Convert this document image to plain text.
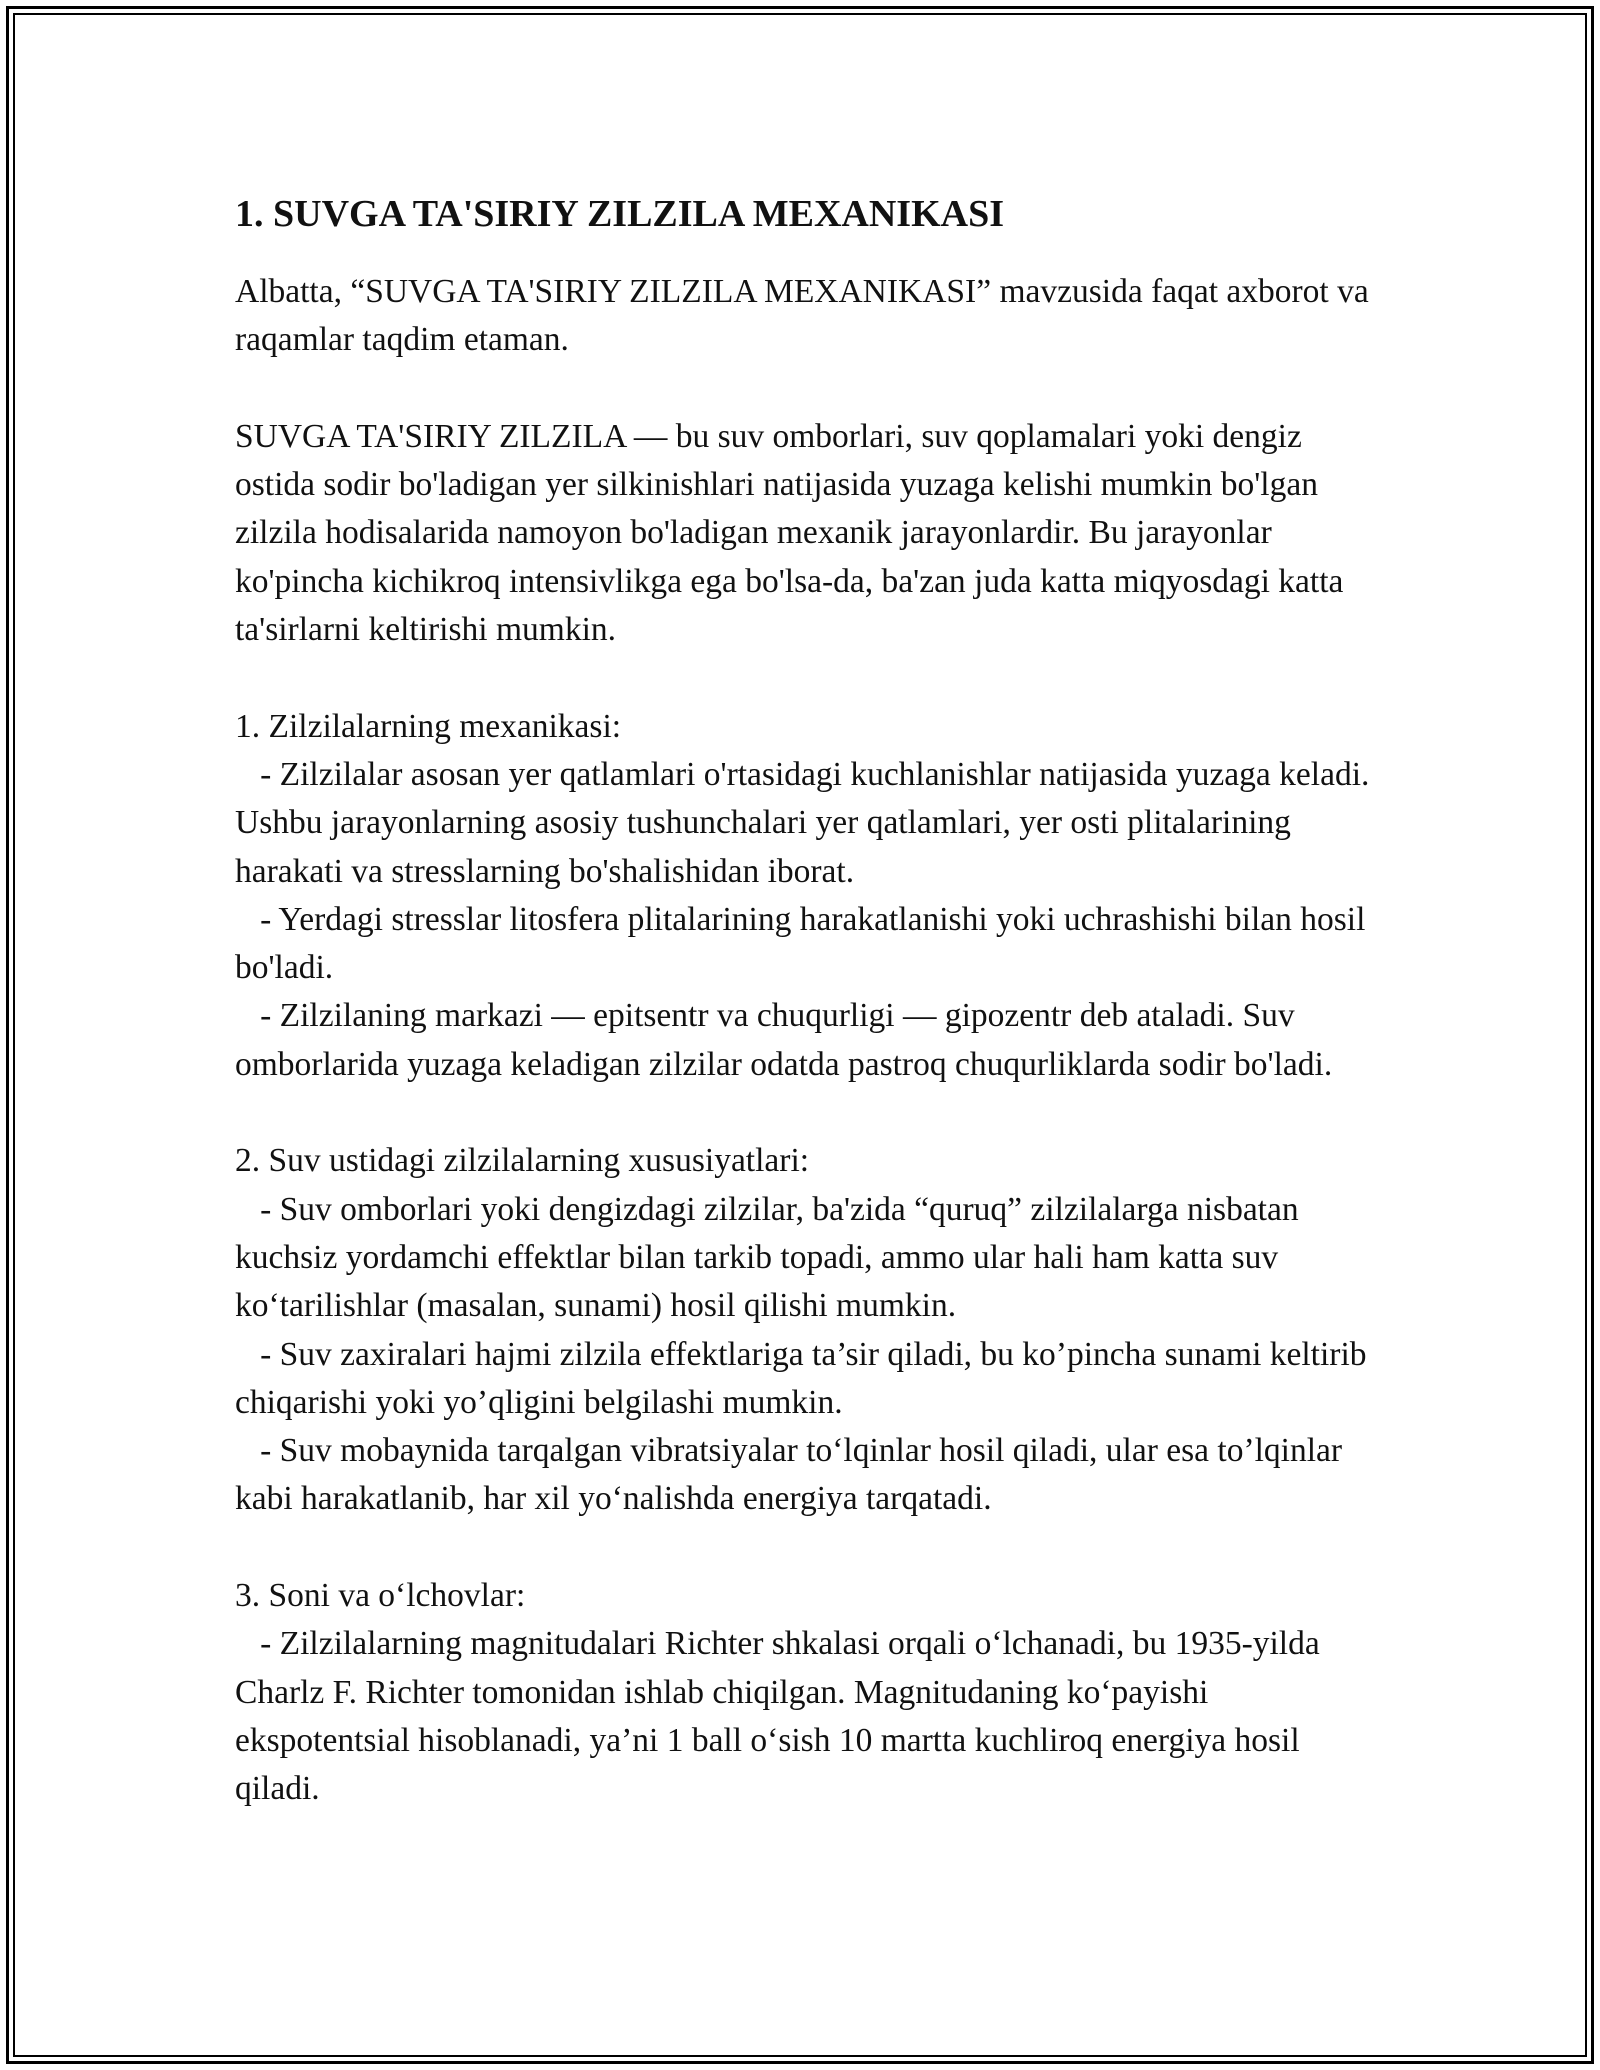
1. SUVGA TA'SIRIY ZILZILA MEXANIKASI

Albatta, “SUVGA TA'SIRIY ZILZILA MEXANIKASI” mavzusida faqat axborot va raqamlar taqdim etaman.

SUVGA TA'SIRIY ZILZILA — bu suv omborlari, suv qoplamalari yoki dengiz ostida sodir bo'ladigan yer silkinishlari natijasida yuzaga kelishi mumkin bo'lgan zilzila hodisalarida namoyon bo'ladigan mexanik jarayonlardir. Bu jarayonlar ko'pincha kichikroq intensivlikga ega bo'lsa-da, ba'zan juda katta miqyosdagi katta ta'sirlarni keltirishi mumkin.

1. Zilzilalarning mexanikasi:

- Zilzilalar asosan yer qatlamlari o'rtasidagi kuchlanishlar natijasida yuzaga keladi. Ushbu jarayonlarning asosiy tushunchalari yer qatlamlari, yer osti plitalarining harakati va stresslarning bo'shalishidan iborat.

- Yerdagi stresslar litosfera plitalarining harakatlanishi yoki uchrashishi bilan hosil bo'ladi.

- Zilzilaning markazi — epitsentr va chuqurligi — gipozentr deb ataladi. Suv omborlarida yuzaga keladigan zilzilar odatda pastroq chuqurliklarda sodir bo'ladi.

2. Suv ustidagi zilzilalarning xususiyatlari:

- Suv omborlari yoki dengizdagi zilzilar, ba'zida “quruq” zilzilalarga nisbatan kuchsiz yordamchi effektlar bilan tarkib topadi, ammo ular hali ham katta suv koʻtarilishlar (masalan, sunami) hosil qilishi mumkin.

- Suv zaxiralari hajmi zilzila effektlariga ta’sir qiladi, bu ko’pincha sunami keltirib chiqarishi yoki yo’qligini belgilashi mumkin.

- Suv mobaynida tarqalgan vibratsiyalar toʻlqinlar hosil qiladi, ular esa to’lqinlar kabi harakatlanib, har xil yoʻnalishda energiya tarqatadi.

3. Soni va oʻlchovlar:

- Zilzilalarning magnitudalari Richter shkalasi orqali oʻlchanadi, bu 1935-yilda Charlz F. Richter tomonidan ishlab chiqilgan. Magnitudaning koʻpayishi ekspotentsial hisoblanadi, ya’ni 1 ball oʻsish 10 martta kuchliroq energiya hosil qiladi.
